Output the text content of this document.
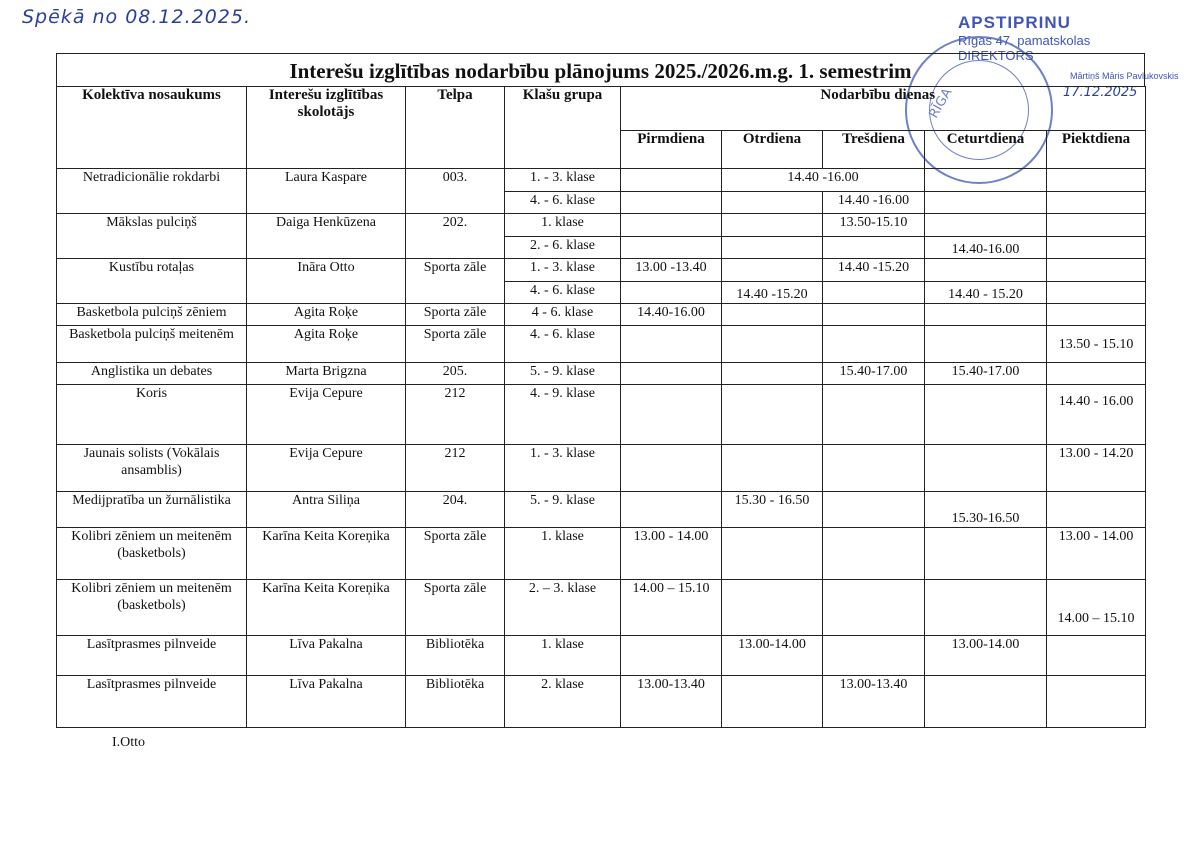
Spēkā no 08.12.2025.	APSTIPRINU
Rīgas 47. pamatskolas
DIREKTORS
RĪGA
Mārtiņš Māris Pavlukovskis
17.12.2025
Interešu izglītības nodarbību plānojums 2025./2026.m.g. 1. semestrim
Kolektīva nosaukums	Interešu izglītības skolotājs	Telpa	Klašu grupa	Nodarbību dienas				
				Pirmdiena	Otrdiena	Trešdiena	Ceturtdiena	Piektdiena
Netradicionālie rokdarbi	Laura Kaspare	003.	1. - 3. klase		14.40 -16.00			
			4. - 6. klase			14.40 -16.00		
Mākslas pulciņš	Daiga Henkūzena	202.	1. klase			13.50-15.10		
			2. - 6. klase				14.40-16.00	
Kustību rotaļas	Ināra Otto	Sporta zāle	1. - 3. klase	13.00 -13.40		14.40 -15.20		
			4. - 6. klase		14.40 -15.20		14.40 - 15.20	
Basketbola pulciņš zēniem	Agita Roķe	Sporta zāle	4 - 6. klase	14.40-16.00				
Basketbola pulciņš meitenēm	Agita Roķe	Sporta zāle	4. - 6. klase					13.50 - 15.10
Anglistika un debates	Marta Brigzna	205.	5. - 9. klase			15.40-17.00	15.40-17.00	
Koris	Evija Cepure	212	4. - 9. klase					14.40 - 16.00
Jaunais solists (Vokālais ansamblis)	Evija Cepure	212	1. - 3. klase					13.00 - 14.20
Medijpratība un žurnālistika	Antra Siliņa	204.	5. - 9. klase		15.30 - 16.50		15.30-16.50	
Kolibri zēniem un meitenēm (basketbols)	Karīna Keita Koreņika	Sporta zāle	1. klase	13.00 - 14.00				13.00 - 14.00
Kolibri zēniem un meitenēm (basketbols)	Karīna Keita Koreņika	Sporta zāle	2. – 3. klase	14.00 – 15.10				14.00 – 15.10
Lasītprasmes pilnveide	Līva Pakalna	Bibliotēka	1. klase		13.00-14.00		13.00-14.00	
Lasītprasmes pilnveide	Līva Pakalna	Bibliotēka	2. klase	13.00-13.40		13.00-13.40		
I.Otto
